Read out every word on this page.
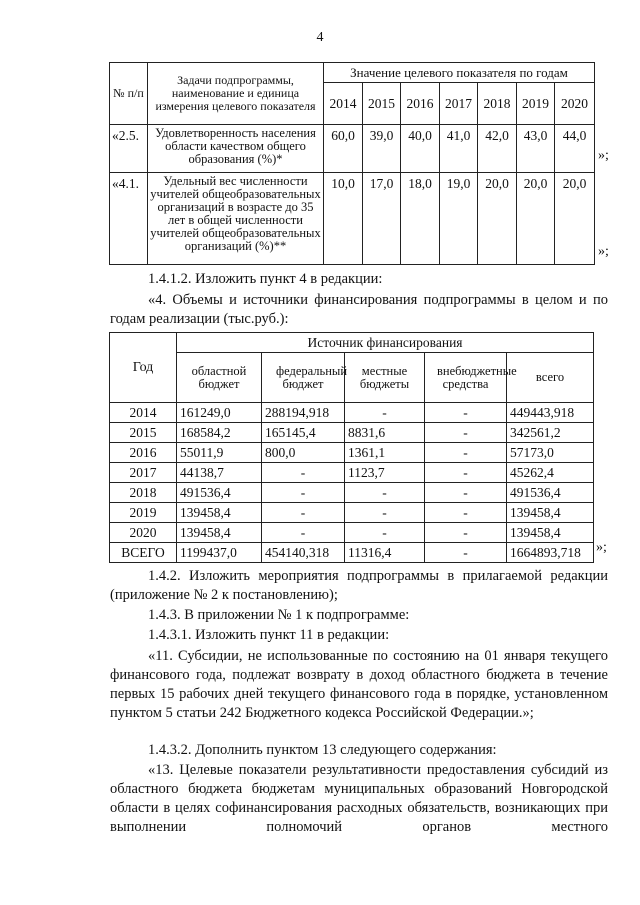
4
№ п/п	Задачи подпрограммы, наименование и единица измерения целевого показателя	Значение целевого показателя по годам						
		2014	2015	2016	2017	2018	2019	2020
«2.5.	Удовлетворенность населения области качеством общего образования (%)*	60,0	39,0	40,0	41,0	42,0	43,0	44,0
«4.1.	Удельный вес численности учителей общеобразовательных организаций в возрасте до 35 лет в общей численности учителей общеобразовательных организаций (%)**	10,0	17,0	18,0	19,0	20,0	20,0	20,0
»;
»;
1.4.1.2. Изложить пункт 4 в редакции:
«4. Объемы и источники финансирования подпрограммы в целом и по годам реализации (тыс.руб.):
Год	Источник финансирования				
	областной бюджет	федеральный бюджет	местные бюджеты	внебюджетные средства	всего
2014	161249,0	288194,918	-	-	449443,918
2015	168584,2	165145,4	8831,6	-	342561,2
2016	55011,9	800,0	1361,1	-	57173,0
2017	44138,7	-	1123,7	-	45262,4
2018	491536,4	-	-	-	491536,4
2019	139458,4	-	-	-	139458,4
2020	139458,4	-	-	-	139458,4
ВСЕГО	1199437,0	454140,318	11316,4	-	1664893,718 »;
1.4.2. Изложить мероприятия подпрограммы в прилагаемой редакции (приложение № 2 к постановлению);
1.4.3. В приложении № 1 к подпрограмме:
1.4.3.1. Изложить пункт 11 в редакции:
«11. Субсидии, не использованные по состоянию на 01 января текущего финансового года, подлежат возврату в доход областного бюджета в течение первых 15 рабочих дней текущего финансового года в порядке, установленном пунктом 5 статьи 242 Бюджетного кодекса Российской Федерации.»;
1.4.3.2. Дополнить пунктом 13 следующего содержания:
«13. Целевые показатели результативности предоставления субсидий из областного бюджета бюджетам муниципальных образований Новгородской области в целях софинансирования расходных обязательств, возникающих при выполнении полномочий органов местного
